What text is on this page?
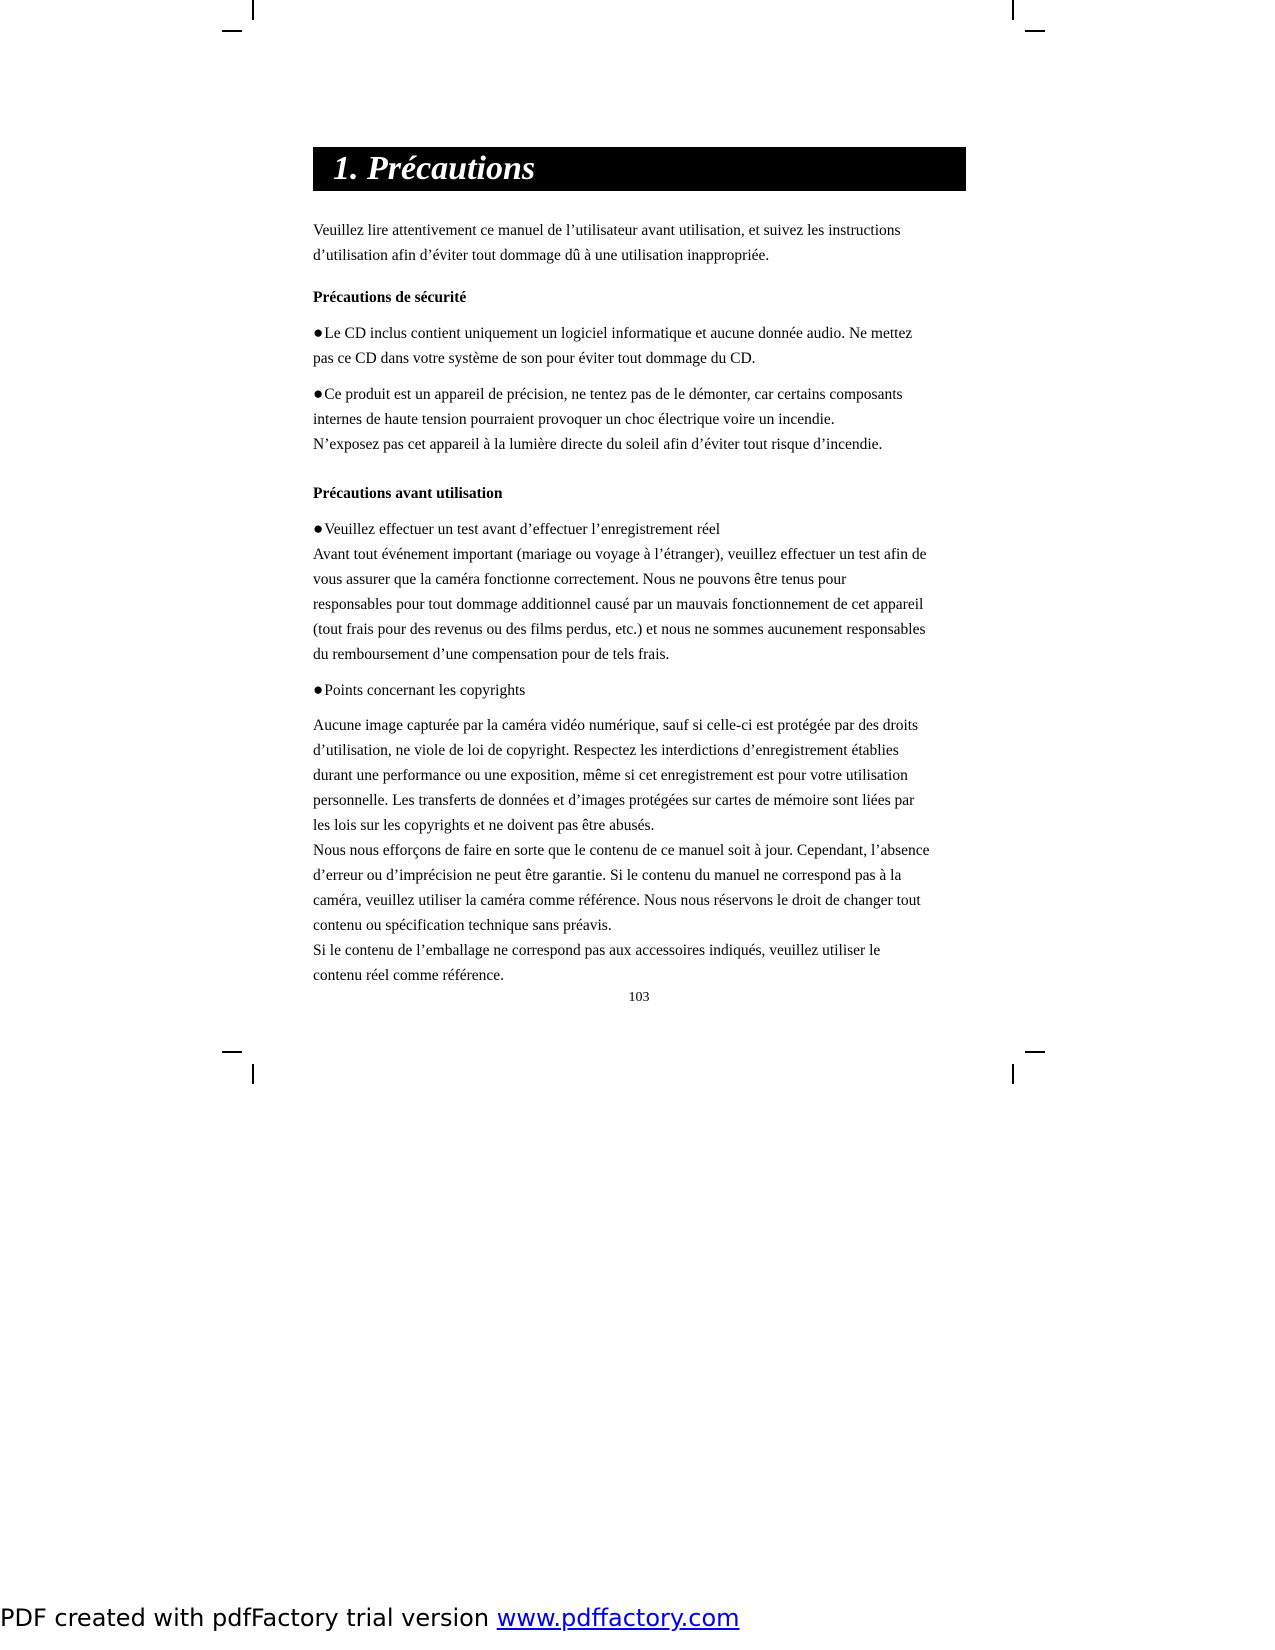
1. Précautions

Veuillez lire attentivement ce manuel de l’utilisateur avant utilisation, et suivez les instructions

d’utilisation afin d’éviter tout dommage dû à une utilisation inappropriée.

Précautions de sécurité

●Le CD inclus contient uniquement un logiciel informatique et aucune donnée audio. Ne mettez

pas ce CD dans votre système de son pour éviter tout dommage du CD.

●Ce produit est un appareil de précision, ne tentez pas de le démonter, car certains composants

internes de haute tension pourraient provoquer un choc électrique voire un incendie.

N’exposez pas cet appareil à la lumière directe du soleil afin d’éviter tout risque d’incendie.

Précautions avant utilisation

●Veuillez effectuer un test avant d’effectuer l’enregistrement réel

Avant tout événement important (mariage ou voyage à l’étranger), veuillez effectuer un test afin de

vous assurer que la caméra fonctionne correctement. Nous ne pouvons être tenus pour

responsables pour tout dommage additionnel causé par un mauvais fonctionnement de cet appareil

(tout frais pour des revenus ou des films perdus, etc.) et nous ne sommes aucunement responsables

du remboursement d’une compensation pour de tels frais.

●Points concernant les copyrights

Aucune image capturée par la caméra vidéo numérique, sauf si celle-ci est protégée par des droits

d’utilisation, ne viole de loi de copyright. Respectez les interdictions d’enregistrement établies

durant une performance ou une exposition, même si cet enregistrement est pour votre utilisation

personnelle. Les transferts de données et d’images protégées sur cartes de mémoire sont liées par

les lois sur les copyrights et ne doivent pas être abusés.

Nous nous efforçons de faire en sorte que le contenu de ce manuel soit à jour. Cependant, l’absence

d’erreur ou d’imprécision ne peut être garantie. Si le contenu du manuel ne correspond pas à la

caméra, veuillez utiliser la caméra comme référence. Nous nous réservons le droit de changer tout

contenu ou spécification technique sans préavis.

Si le contenu de l’emballage ne correspond pas aux accessoires indiqués, veuillez utiliser le

contenu réel comme référence.

103
PDF created with pdfFactory trial version www.pdffactory.com
